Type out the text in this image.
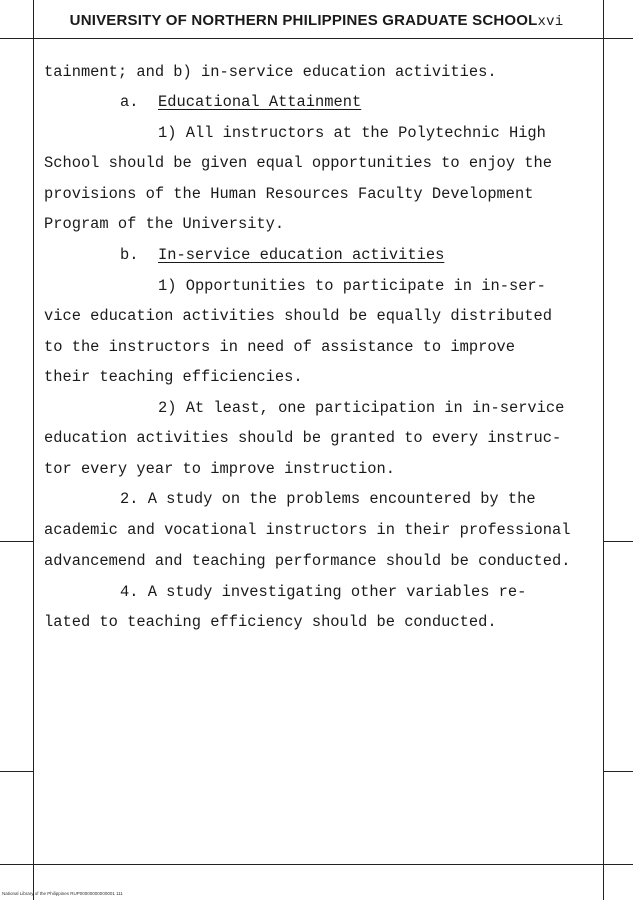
UNIVERSITY OF NORTHERN PHILIPPINES GRADUATE SCHOOLxvi
tainment; and b) in-service education activities.
a. Educational Attainment
1) All instructors at the Polytechnic High
School should be given equal opportunities to enjoy the
provisions of the Human Resources Faculty Development
Program of the University.
b. In-service education activities
1) Opportunities to participate in in-ser-
vice education activities should be equally distributed
to the instructors in need of assistance to improve
their teaching efficiencies.
2) At least, one participation in in-service
education activities should be granted to every instruc-
tor every year to improve instruction.
2. A study on the problems encountered by the
academic and vocational instructors in their professional
advancemend and teaching performance should be conducted.
4. A study investigating other variables re-
lated to teaching efficiency should be conducted.
National Library of the Philippines RUP00000000000001 111
